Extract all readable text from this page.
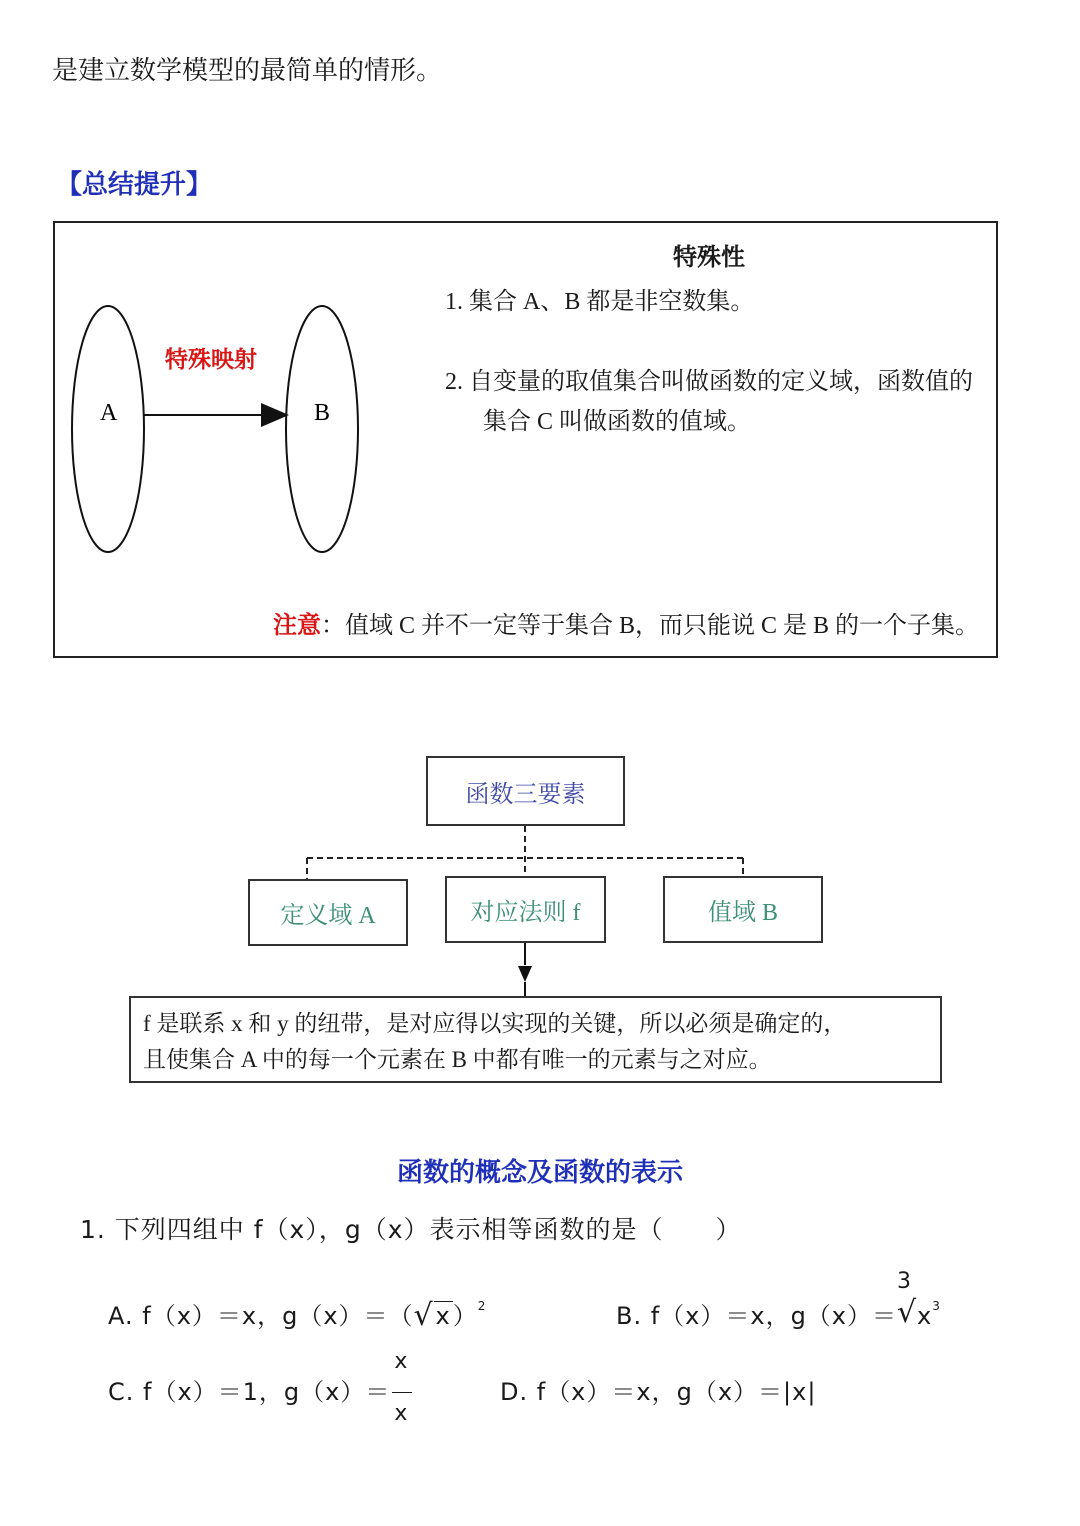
是建立数学模型的最简单的情形。
【总结提升】
A	B
特殊映射
特殊性
1. 集合 A、B 都是非空数集。
2. 自变量的取值集合叫做函数的定义域，函数值的
集合 C 叫做函数的值域。
注意：值域 C 并不一定等于集合 B，而只能说 C 是 B 的一个子集。
函数三要素
定义域 A	对应法则 f	值域 B
f 是联系 x 和 y 的纽带，是对应得以实现的关键，所以必须是确定的，
且使集合 A 中的每一个元素在 B 中都有唯一的元素与之对应。
函数的概念及函数的表示
1. 下列四组中 f（x），g（x）表示相等函数的是（　　）
A. f（x）＝x，g（x）＝（ √ x）$^2$	B. f（x）＝x，g（x）＝
3
√ $x^3$
C. f（x）＝1，$g(x)= \frac{x}{x}$	D. f（x）＝x，g（x）＝|x|
